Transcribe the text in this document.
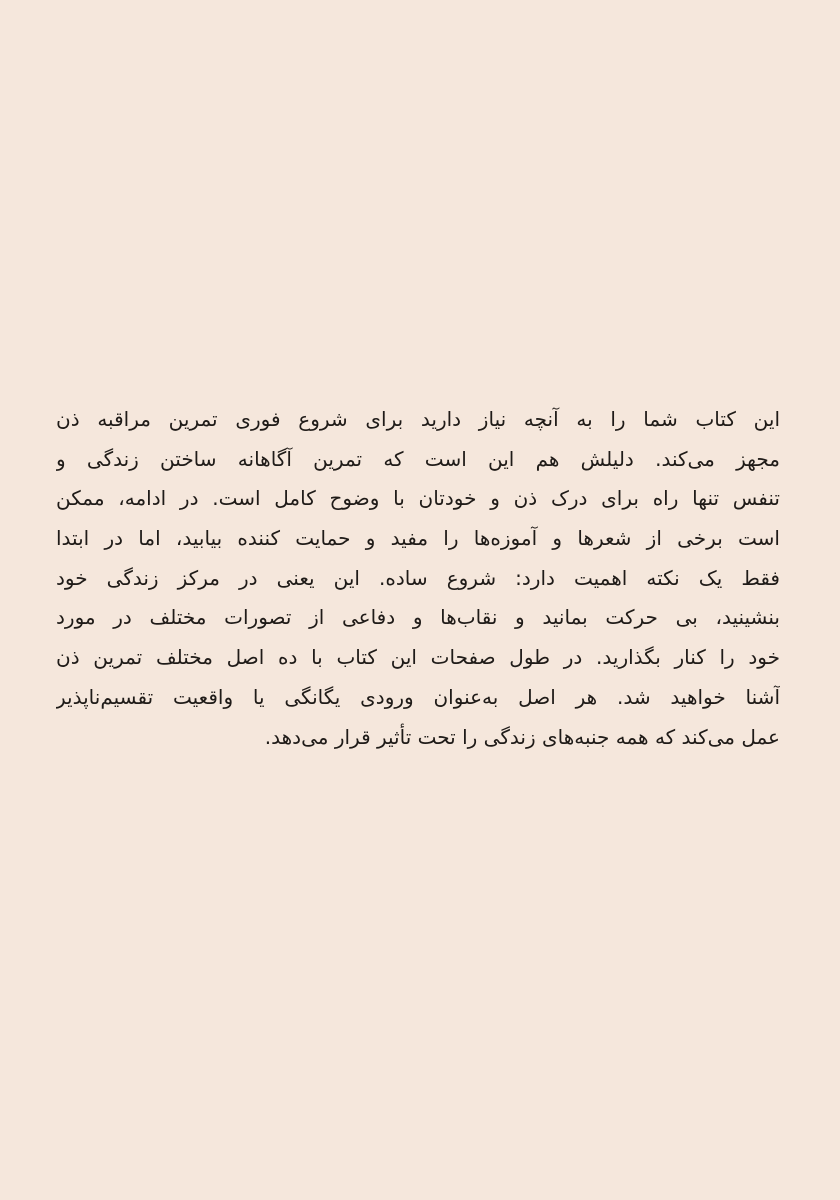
این کتاب شما را به آنچه نیاز دارید برای شروع فوری تمرین مراقبه ذن
مجهز می‌کند. دلیلش هم این است که تمرین آگاهانه ساختن زندگی و
تنفس تنها راه برای درک ذن و خودتان با وضوح کامل است. در ادامه، ممکن
است برخی از شعرها و آموزه‌ها را مفید و حمایت کننده بیابید، اما در ابتدا
فقط یک نکته اهمیت دارد: شروع ساده. این یعنی در مرکز زندگی خود
بنشینید، بی حرکت بمانید و نقاب‌ها و دفاعی از تصورات مختلف در مورد
خود را کنار بگذارید. در طول صفحات این کتاب با ده اصل مختلف تمرین ذن
آشنا خواهید شد. هر اصل به‌عنوان ورودی یگانگی یا واقعیت تقسیم‌ناپذیر
عمل می‌کند که همه جنبه‌های زندگی را تحت تأثیر قرار می‌دهد.
